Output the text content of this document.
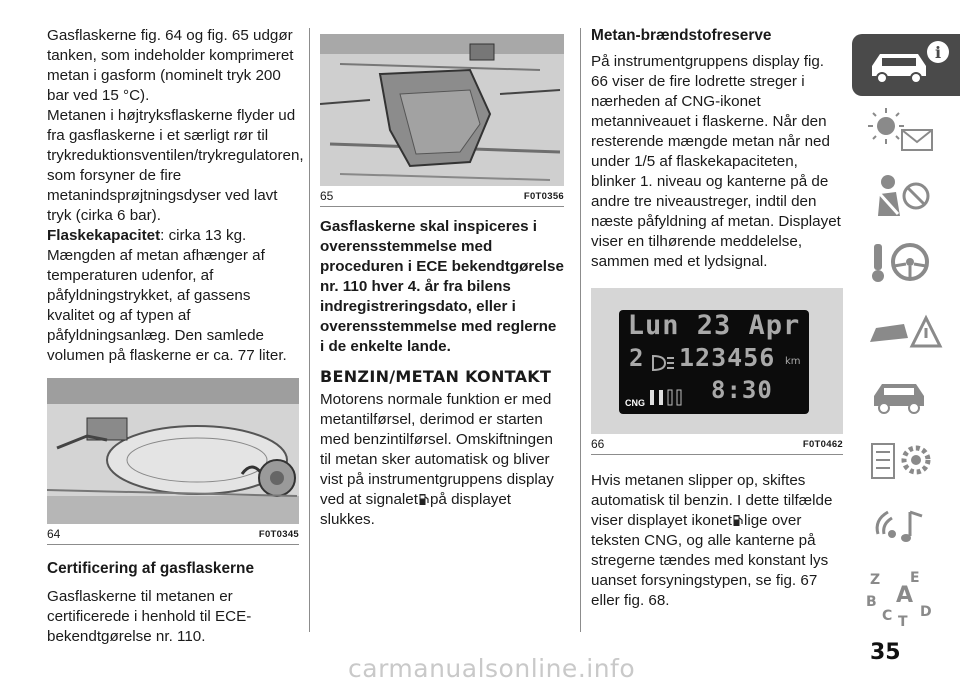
Gasflaskerne fig. 64 og fig. 65 udgør tanken, som indeholder komprimeret metan i gasform (nominelt tryk 200 bar ved 15 °C).

Metanen i højtryksflaskerne flyder ud fra gasflaskerne i et særligt rør til trykreduktionsventilen/trykregulatoren, som forsyner de fire metanindsprøjtningsdyser ved lavt tryk (cirka 6 bar).

Flaskekapacitet: cirka 13 kg.

Mængden af metan afhænger af temperaturen udenfor, af påfyldningstrykket, af gassens kvalitet og af typen af påfyldningsanlæg. Den samlede volumen på flaskerne er ca. 77 liter.

64	F0T0345
Certificering af gasflaskerne

Gasflaskerne til metanen er certificerede i henhold til ECE-bekendtgørelse nr. 110.

65	F0T0356

Gasflaskerne skal inspiceres i overensstemmelse med proceduren i ECE bekendtgørelse nr. 110 hver 4. år fra bilens indregistreringsdato, eller i overensstemmelse med reglerne i de enkelte lande.

BENZIN/METAN KONTAKT

Motorens normale funktion er med metantilførsel, derimod er starten med benzintilførsel. Omskiftningen til metan sker automatisk og bliver vist på instrumentgruppens display ved at signalet på displayet slukkes.

Metan-brændstofreserve

På instrumentgruppens display fig. 66 viser de fire lodrette streger i nærheden af CNG-ikonet metanniveauet i flaskerne. Når den resterende mængde metan når ned under 1/5 af flaskekapaciteten, blinker 1. niveau og kanterne på de andre tre niveaustreger, indtil den næste påfyldning af metan. Displayet viser en tilhørende meddelelse, sammen med et lydsignal.

Lun 23 Apr
2 123456 km
8:30
CNG
66	F0T0462

Hvis metanen slipper op, skiftes automatisk til benzin. I dette tilfælde viser displayet ikonet lige over teksten CNG, og alle kanterne på stregerne tændes med konstant lys uanset forsyningstypen, se fig. 67 eller fig. 68.

i
Z E
A
B
C T
D
35
carmanualsonline.info
